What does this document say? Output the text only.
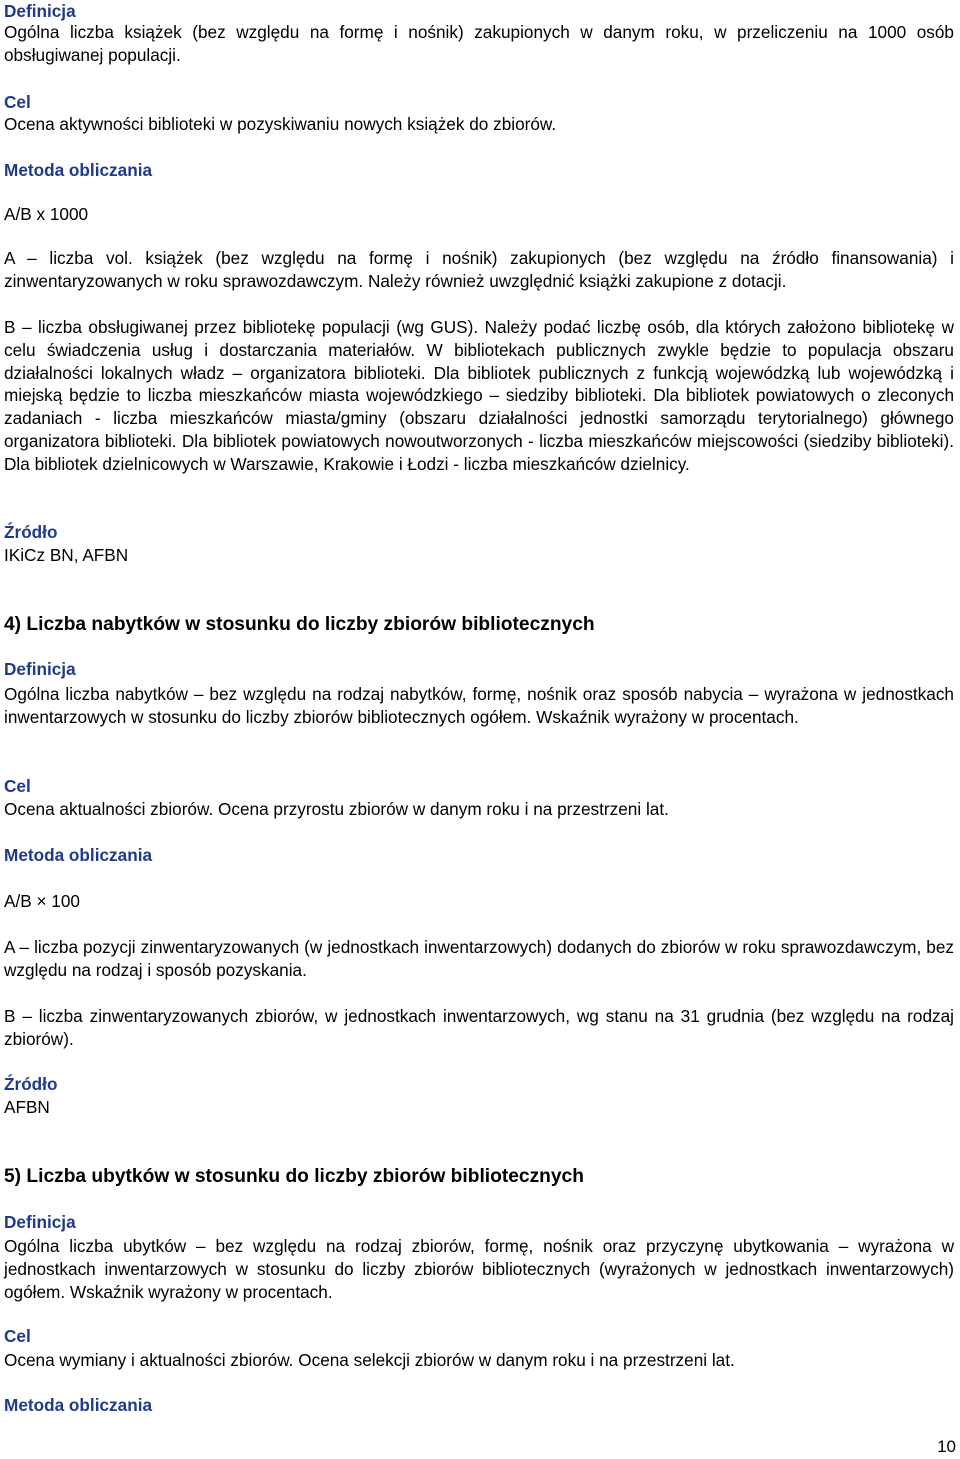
Definicja
Ogólna liczba książek (bez względu na formę i nośnik) zakupionych w danym roku, w przeliczeniu na 1000 osób obsługiwanej populacji.
Cel
Ocena aktywności biblioteki w pozyskiwaniu nowych książek do zbiorów.
Metoda obliczania
A/B x 1000
A – liczba vol. książek (bez względu na formę i nośnik) zakupionych (bez względu na źródło finansowania) i zinwentaryzowanych w roku sprawozdawczym. Należy również uwzględnić książki zakupione z dotacji.
B – liczba obsługiwanej przez bibliotekę populacji (wg GUS). Należy podać liczbę osób, dla których założono bibliotekę w celu świadczenia usług i dostarczania materiałów. W bibliotekach publicznych zwykle będzie to populacja obszaru działalności lokalnych władz – organizatora biblioteki. Dla bibliotek publicznych z funkcją wojewódzką lub wojewódzką i miejską będzie to liczba mieszkańców miasta wojewódzkiego – siedziby biblioteki. Dla bibliotek powiatowych o zleconych zadaniach - liczba mieszkańców miasta/gminy (obszaru działalności jednostki samorządu terytorialnego) głównego organizatora biblioteki. Dla bibliotek powiatowych nowoutworzonych - liczba mieszkańców miejscowości (siedziby biblioteki). Dla bibliotek dzielnicowych w Warszawie, Krakowie i Łodzi - liczba mieszkańców dzielnicy.
Źródło
IKiCz BN, AFBN
4) Liczba nabytków w stosunku do liczby zbiorów bibliotecznych
Definicja
Ogólna liczba nabytków – bez względu na rodzaj nabytków, formę, nośnik oraz sposób nabycia – wyrażona w jednostkach inwentarzowych w stosunku do liczby zbiorów bibliotecznych ogółem. Wskaźnik wyrażony w procentach.
Cel
Ocena aktualności zbiorów. Ocena przyrostu zbiorów w danym roku i na przestrzeni lat.
Metoda obliczania
A/B × 100
A – liczba pozycji zinwentaryzowanych (w jednostkach inwentarzowych) dodanych do zbiorów w roku sprawozdawczym, bez względu na rodzaj i sposób pozyskania.
B – liczba zinwentaryzowanych zbiorów, w jednostkach inwentarzowych, wg stanu na 31 grudnia (bez względu na rodzaj zbiorów).
Źródło
AFBN
5) Liczba ubytków w stosunku do liczby zbiorów bibliotecznych
Definicja
Ogólna liczba ubytków – bez względu na rodzaj zbiorów, formę, nośnik oraz przyczynę ubytkowania – wyrażona w jednostkach inwentarzowych w stosunku do liczby zbiorów bibliotecznych (wyrażonych w jednostkach inwentarzowych) ogółem. Wskaźnik wyrażony w procentach.
Cel
Ocena wymiany i aktualności zbiorów. Ocena selekcji zbiorów w danym roku i na przestrzeni lat.
Metoda obliczania
10
